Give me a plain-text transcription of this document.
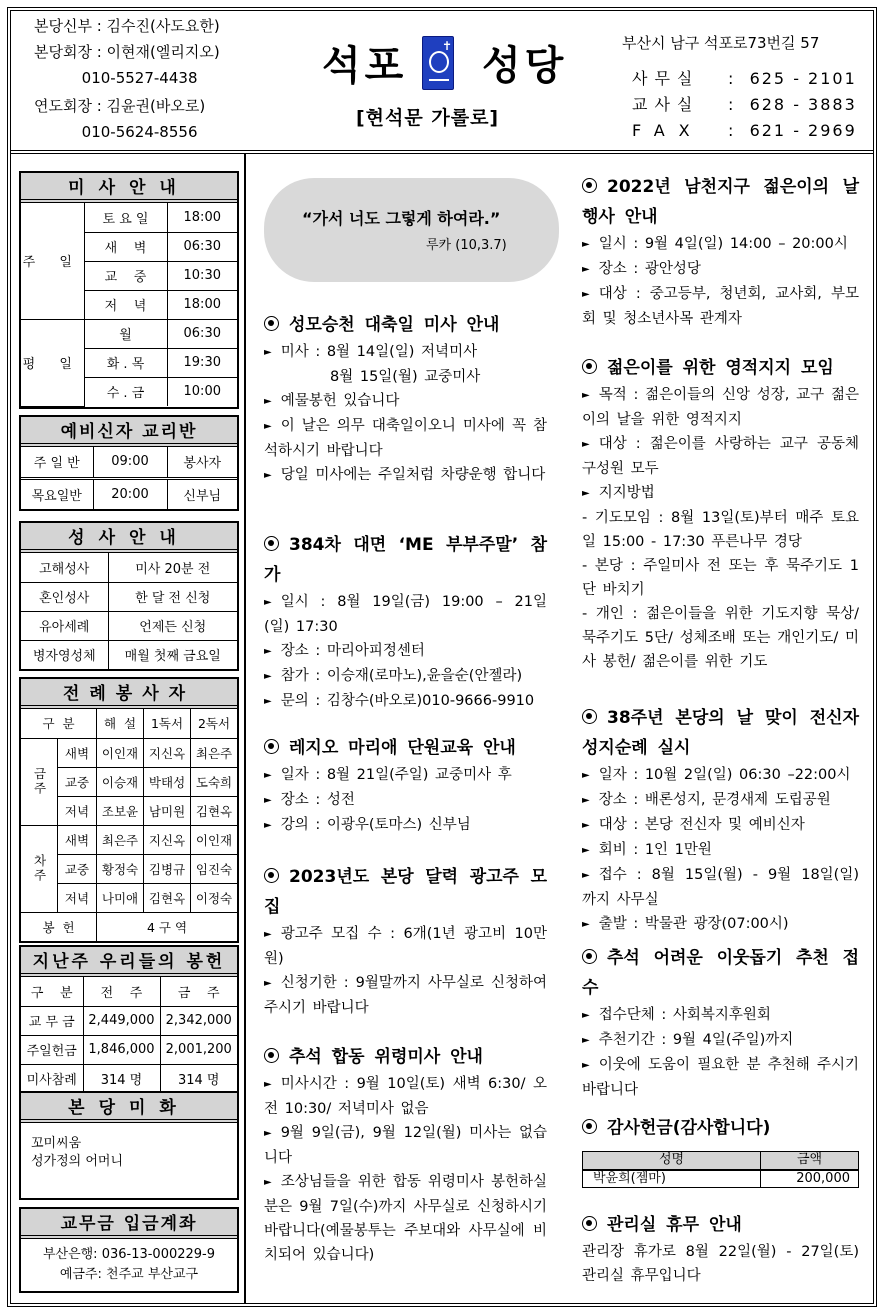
본당신부 : 김수진(사도요한)
본당회장 : 이현재(엘리지오)
010-5527-4438
연도회장 : 김윤권(바오로)
010-5624-8556
석포 성당
✝
[현석문 가롤로]
부산시 남구 석포로73번길 57
사무실	:  625 - 2101
교사실	:  628 - 3883
FAX	:  621 - 2969
미사안내
주 일	토 요 일	18:00
	새    벽	06:30
	교    중	10:30
	저    녁	18:00
평 일	월	06:30
	화 . 목	19:30
	수 . 금	10:00
예비신자 교리반
주 일 반	09:00	봉사자
목요일반	20:00	신부님
성사안내
고해성사	미사 20분 전
혼인성사	한 달 전 신청
유아세례	언제든 신청
병자영성체	매월 첫째 금요일
전례봉사자
구  분		해  설	1독서	2독서
금주	새벽	이인재	지신옥	최은주
	교중	이승재	박태성	도숙희
	저녁	조보윤	남미원	김현옥
차주	새벽	최은주	지신옥	이인재
	교중	황정숙	김병규	임진숙
	저녁	나미애	김현옥	이정숙
봉  헌		4 구 역		
지난주 우리들의 봉헌
구    분	전    주	금    주
교 무 금	2,449,000	2,342,000
주일헌금	1,846,000	2,001,200
미사참례	314 명	314 명
본당미화
꼬미씨움
성가정의 어머니
교무금 입금계좌
부산은행: 036-13-000229-9
예금주: 천주교 부산교구
“가서 너도 그렇게 하여라.”
루카 (10,3.7)
성모승천 대축일 미사 안내
► 미사 : 8월 14일(일) 저녁미사
8월 15일(월) 교중미사
► 예물봉헌 있습니다
► 이 날은 의무 대축일이오니 미사에 꼭 참석하시기 바랍니다
► 당일 미사에는 주일처럼 차량운행 합니다
384차 대면 ‘ME 부부주말’ 참가
► 일시 : 8월 19일(금) 19:00 – 21일 (일) 17:30
► 장소 : 마리아피정센터
► 참가 : 이승재(로마노),윤을순(안젤라)
► 문의 : 김창수(바오로)010-9666-9910
레지오 마리애 단원교육 안내
► 일자 : 8월 21일(주일) 교중미사 후
► 장소 : 성전
► 강의 : 이광우(토마스) 신부님
2023년도 본당 달력 광고주 모집
► 광고주 모집 수 : 6개(1년 광고비 10만원)
► 신청기한 : 9월말까지 사무실로 신청하여 주시기 바랍니다
추석 합동 위령미사 안내
► 미사시간 : 9월 10일(토) 새벽 6:30/ 오전 10:30/ 저녁미사 없음
► 9월 9일(금), 9월 12일(월) 미사는 없습니다
► 조상님들을 위한 합동 위령미사 봉헌하실 분은 9월 7일(수)까지 사무실로 신청하시기 바랍니다(예물봉투는 주보대와 사무실에 비치되어 있습니다)
2022년 남천지구 젊은이의 날 행사 안내
► 일시 : 9월 4일(일) 14:00 – 20:00시
► 장소 : 광안성당
► 대상 : 중고등부, 청년회, 교사회, 부모회 및 청소년사목 관계자
젊은이를 위한 영적지지 모임
► 목적 : 젊은이들의 신앙 성장, 교구 젊은이의 날을 위한 영적지지
► 대상 : 젊은이를 사랑하는 교구 공동체 구성원 모두
► 지지방법
- 기도모임 : 8월 13일(토)부터 매주 토요일 15:00 - 17:30 푸른나무 경당
- 본당 : 주일미사 전 또는 후 묵주기도 1단 바치기
- 개인 : 젊은이들을 위한 기도지향 묵상/ 묵주기도 5단/ 성체조배 또는 개인기도/ 미사 봉헌/ 젊은이를 위한 기도
38주년 본당의 날 맞이 전신자 성지순례 실시
► 일자 : 10월 2일(일) 06:30 –22:00시
► 장소 : 배론성지, 문경새제 도립공원
► 대상 : 본당 전신자 및 예비신자
► 회비 : 1인 1만원
► 접수 : 8월 15일(월) - 9월 18일(일) 까지 사무실
► 출발 : 박물관 광장(07:00시)
추석 어려운 이웃돕기 추천 접수
► 접수단체 : 사회복지후원회
► 추천기간 : 9월 4일(주일)까지
► 이웃에 도움이 필요한 분 추천해 주시기 바랍니다
감사헌금(감사합니다)
성명	금액
박윤희(젬마)	200,000
관리실 휴무 안내
관리장 휴가로 8월 22일(월) - 27일(토) 관리실 휴무입니다
